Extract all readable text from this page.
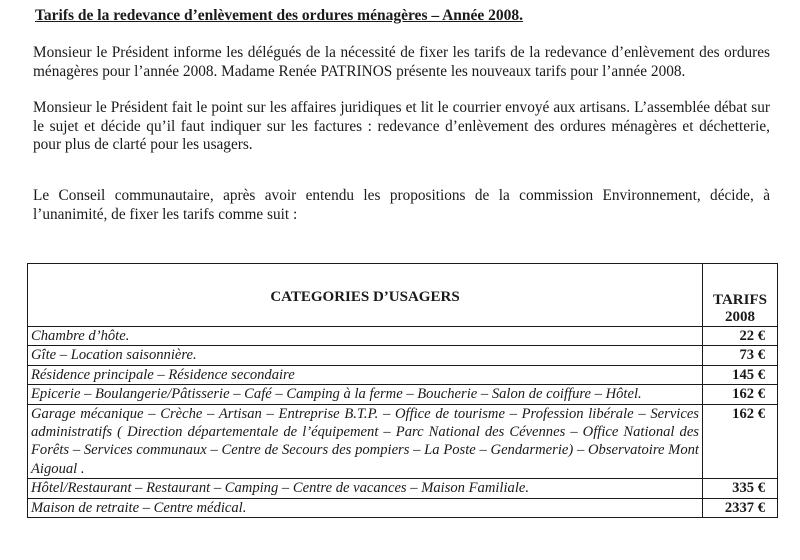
Tarifs de la redevance d’enlèvement des ordures ménagères – Année 2008.
Monsieur le Président informe les délégués de la nécessité de fixer les tarifs de la redevance d’enlèvement des ordures ménagères pour l’année 2008. Madame Renée PATRINOS présente les nouveaux tarifs pour l’année 2008.
Monsieur le Président fait le point sur les affaires juridiques et lit le courrier envoyé aux artisans. L’assemblée débat sur le sujet et décide qu’il faut indiquer sur les factures : redevance d’enlèvement des ordures ménagères et déchetterie, pour plus de clarté pour les usagers.
Le Conseil communautaire, après avoir entendu les propositions de la commission Environnement, décide, à l’unanimité, de fixer les tarifs comme suit :
CATEGORIES D’USAGERS	TARIFS
2008

Chambre d’hôte.	22 €
Gîte – Location saisonnière.	73 €
Résidence principale – Résidence secondaire	145 €
Epicerie – Boulangerie/Pâtisserie – Café – Camping à la ferme – Boucherie – Salon de coiffure – Hôtel.	162 €
Garage mécanique – Crèche – Artisan – Entreprise B.T.P. – Office de tourisme – Profession libérale – Services administratifs ( Direction départementale de l’équipement – Parc National des Cévennes – Office National des Forêts – Services communaux – Centre de Secours des pompiers – La Poste – Gendarmerie) – Observatoire Mont Aigoual .	162 €
Hôtel/Restaurant – Restaurant – Camping – Centre de vacances – Maison Familiale.	335 €
Maison de retraite – Centre médical.	2337 €
